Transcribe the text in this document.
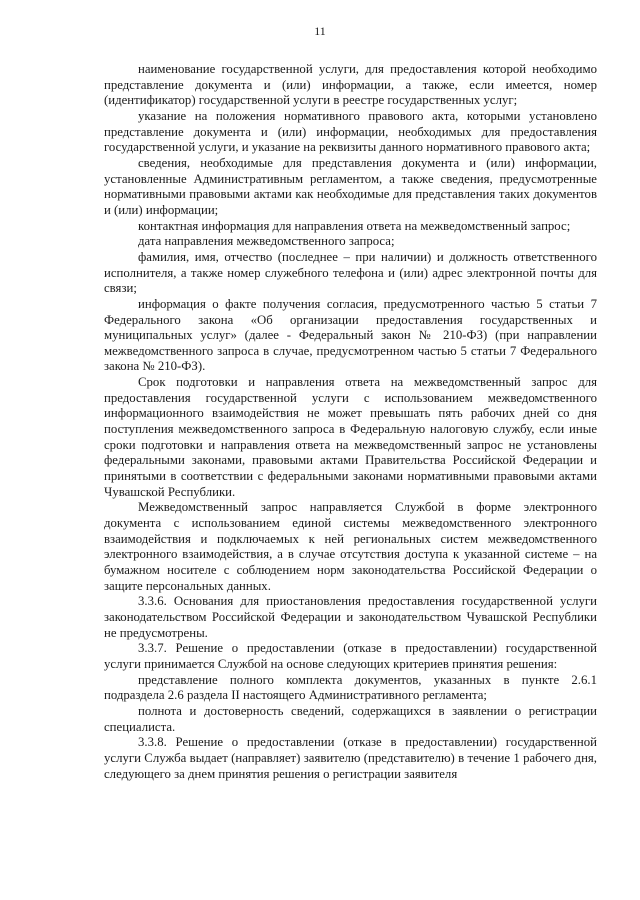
11

наименование государственной услуги, для предоставления которой необходимо представление документа и (или) информации, а также, если имеется, номер (идентификатор) государственной услуги в реестре государственных услуг;

указание на положения нормативного правового акта, которыми установлено представление документа и (или) информации, необходимых для предоставления государственной услуги, и указание на реквизиты данного нормативного правового акта;

сведения, необходимые для представления документа и (или) информации, установленные Административным регламентом, а также сведения, предусмотренные нормативными правовыми актами как необходимые для представления таких документов и (или) информации;

контактная информация для направления ответа на межведомственный запрос;

дата направления межведомственного запроса;

фамилия, имя, отчество (последнее – при наличии) и должность ответственного исполнителя, а также номер служебного телефона и (или) адрес электронной почты для связи;

информация о факте получения согласия, предусмотренного частью 5 статьи 7 Федерального закона «Об организации предоставления государственных и муниципальных услуг» (далее - Федеральный закон № 210-ФЗ) (при направлении межведомственного запроса в случае, предусмотренном частью 5 статьи 7 Федерального закона № 210-ФЗ).

Срок подготовки и направления ответа на межведомственный запрос для предоставления государственной услуги с использованием межведомственного информационного взаимодействия не может превышать пять рабочих дней со дня поступления межведомственного запроса в Федеральную налоговую службу, если иные сроки подготовки и направления ответа на межведомственный запрос не установлены федеральными законами, правовыми актами Правительства Российской Федерации и принятыми в соответствии с федеральными законами нормативными правовыми актами Чувашской Республики.

Межведомственный запрос направляется Службой в форме электронного документа с использованием единой системы межведомственного электронного взаимодействия и подключаемых к ней региональных систем межведомственного электронного взаимодействия, а в случае отсутствия доступа к указанной системе – на бумажном носителе с соблюдением норм законодательства Российской Федерации о защите персональных данных.

3.3.6. Основания для приостановления предоставления государственной услуги законодательством Российской Федерации и законодательством Чувашской Республики не предусмотрены.

3.3.7. Решение о предоставлении (отказе в предоставлении) государственной услуги принимается Службой на основе следующих критериев принятия решения:

представление полного комплекта документов, указанных в пункте 2.6.1 подраздела 2.6 раздела II настоящего Административного регламента;

полнота и достоверность сведений, содержащихся в заявлении о регистрации специалиста.

3.3.8. Решение о предоставлении (отказе в предоставлении) государственной услуги Служба выдает (направляет) заявителю (представителю) в течение 1 рабочего дня, следующего за днем принятия решения о регистрации заявителя
